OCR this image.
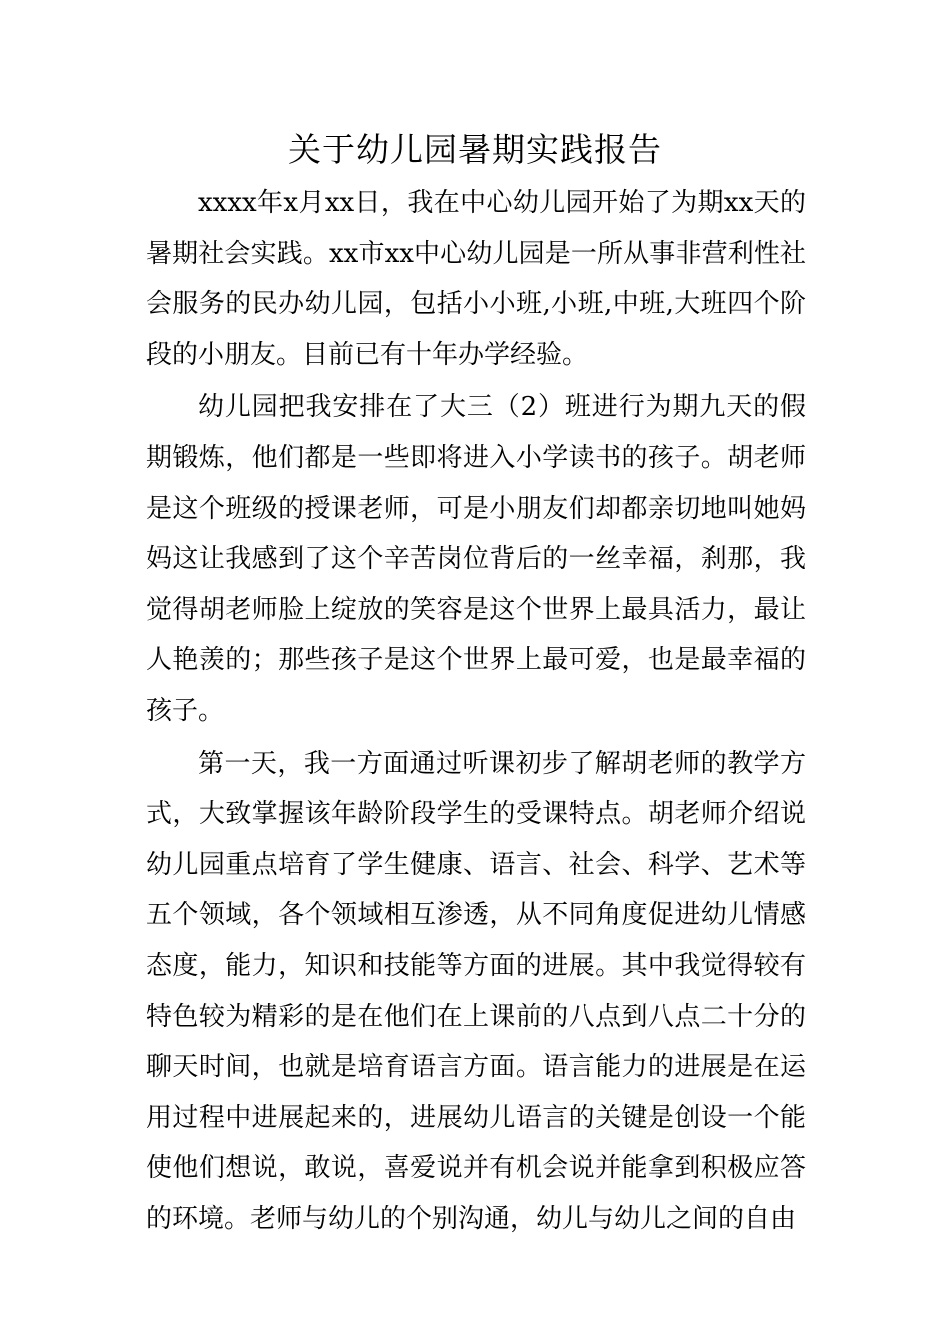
关于幼儿园暑期实践报告

xxxx年x月xx日，我在中心幼儿园开始了为期xx天的暑期社会实践。xx市xx中心幼儿园是一所从事非营利性社会服务的民办幼儿园，包括小小班,小班,中班,大班四个阶段的小朋友。目前已有十年办学经验。

幼儿园把我安排在了大三（2）班进行为期九天的假期锻炼，他们都是一些即将进入小学读书的孩子。胡老师是这个班级的授课老师，可是小朋友们却都亲切地叫她妈妈这让我感到了这个辛苦岗位背后的一丝幸福，刹那，我觉得胡老师脸上绽放的笑容是这个世界上最具活力，最让人艳羡的；那些孩子是这个世界上最可爱，也是最幸福的孩子。

第一天，我一方面通过听课初步了解胡老师的教学方式，大致掌握该年龄阶段学生的受课特点。胡老师介绍说幼儿园重点培育了学生健康、语言、社会、科学、艺术等五个领域，各个领域相互渗透，从不同角度促进幼儿情感态度，能力，知识和技能等方面的进展。其中我觉得较有特色较为精彩的是在他们在上课前的八点到八点二十分的聊天时间，也就是培育语言方面。语言能力的进展是在运用过程中进展起来的，进展幼儿语言的关键是创设一个能使他们想说，敢说，喜爱说并有机会说并能拿到积极应答的环境。老师与幼儿的个别沟通，幼儿与幼儿之间的自由
